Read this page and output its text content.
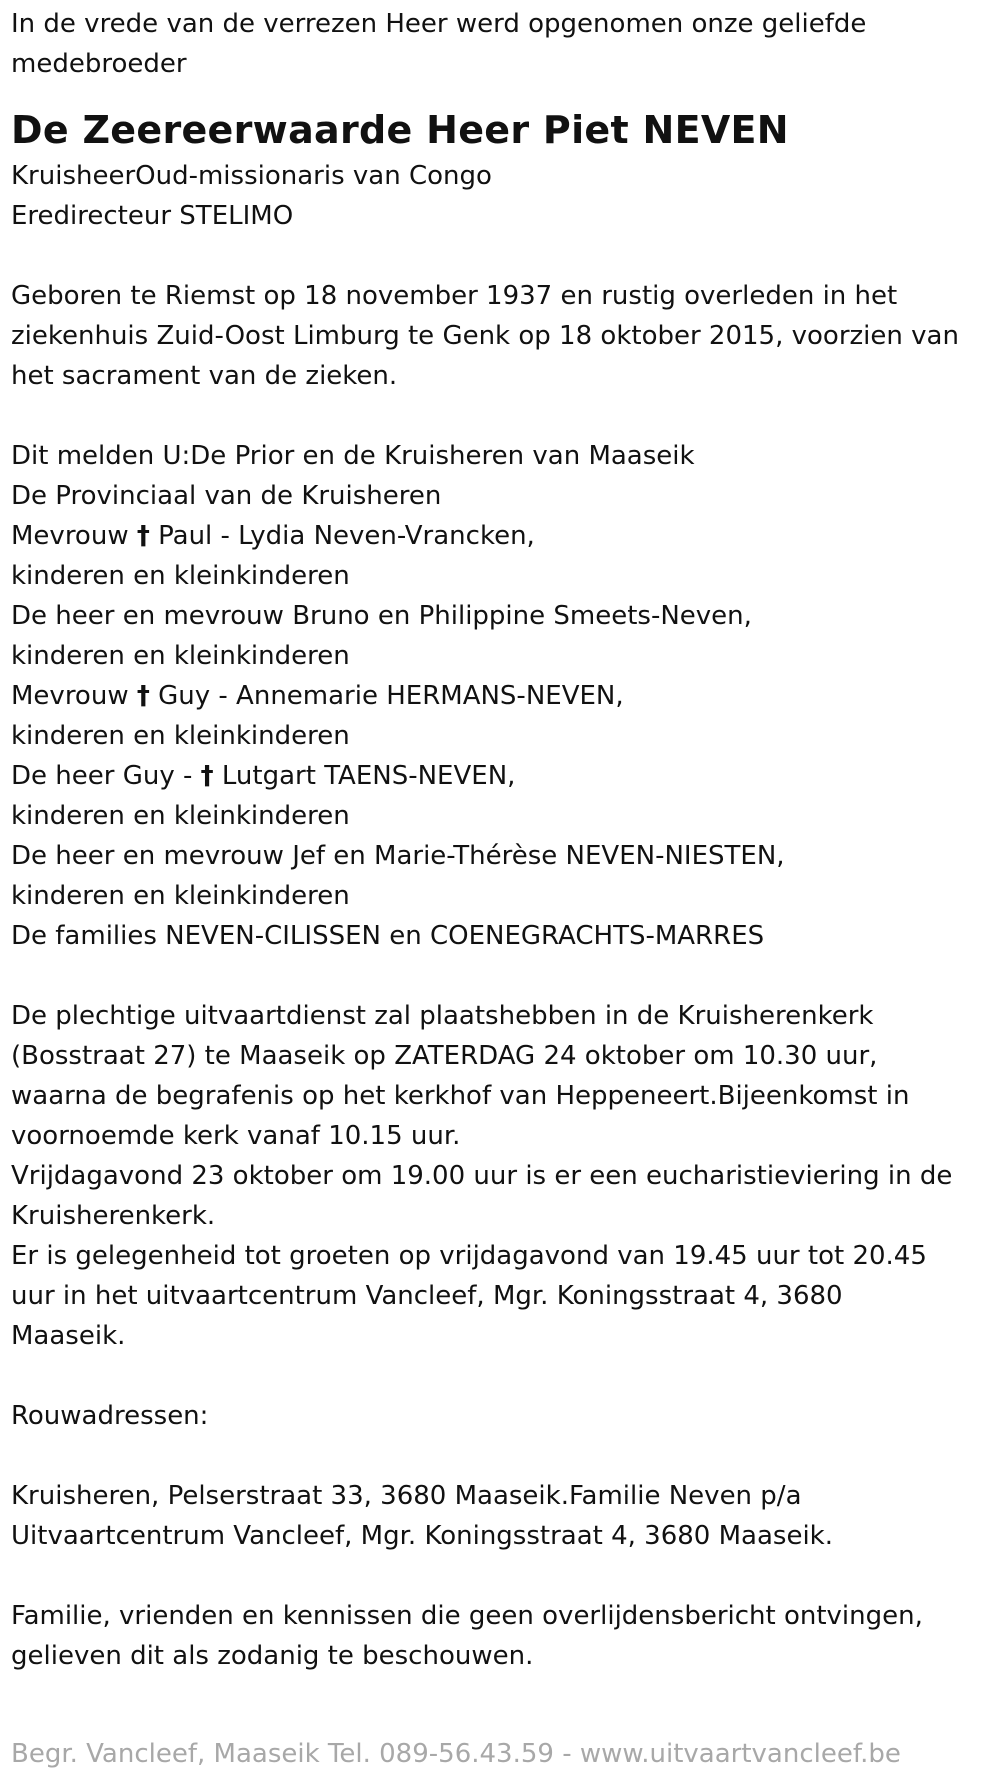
In de vrede van de verrezen Heer werd opgenomen onze geliefde
medebroeder

De Zeereerwaarde Heer Piet NEVEN

KruisheerOud-missionaris van Congo
Eredirecteur STELIMO

Geboren te Riemst op 18 november 1937 en rustig overleden in het
ziekenhuis Zuid-Oost Limburg te Genk op 18 oktober 2015, voorzien van
het sacrament van de zieken.

Dit melden U:De Prior en de Kruisheren van Maaseik
De Provinciaal van de Kruisheren
Mevrouw † Paul - Lydia Neven-Vrancken,
kinderen en kleinkinderen
De heer en mevrouw Bruno en Philippine Smeets-Neven,
kinderen en kleinkinderen
Mevrouw † Guy - Annemarie HERMANS-NEVEN,
kinderen en kleinkinderen
De heer Guy - † Lutgart TAENS-NEVEN,
kinderen en kleinkinderen
De heer en mevrouw Jef en Marie-Thérèse NEVEN-NIESTEN,
kinderen en kleinkinderen
De families NEVEN-CILISSEN en COENEGRACHTS-MARRES

De plechtige uitvaartdienst zal plaatshebben in de Kruisherenkerk
(Bosstraat 27) te Maaseik op ZATERDAG 24 oktober om 10.30 uur,
waarna de begrafenis op het kerkhof van Heppeneert.Bijeenkomst in
voornoemde kerk vanaf 10.15 uur.
Vrijdagavond 23 oktober om 19.00 uur is er een eucharistieviering in de
Kruisherenkerk.
Er is gelegenheid tot groeten op vrijdagavond van 19.45 uur tot 20.45
uur in het uitvaartcentrum Vancleef, Mgr. Koningsstraat 4, 3680
Maaseik.

Rouwadressen:

Kruisheren, Pelserstraat 33, 3680 Maaseik.Familie Neven p/a
Uitvaartcentrum Vancleef, Mgr. Koningsstraat 4, 3680 Maaseik.

Familie, vrienden en kennissen die geen overlijdensbericht ontvingen,
gelieven dit als zodanig te beschouwen.

Begr. Vancleef, Maaseik Tel. 089-56.43.59 - www.uitvaartvancleef.be
